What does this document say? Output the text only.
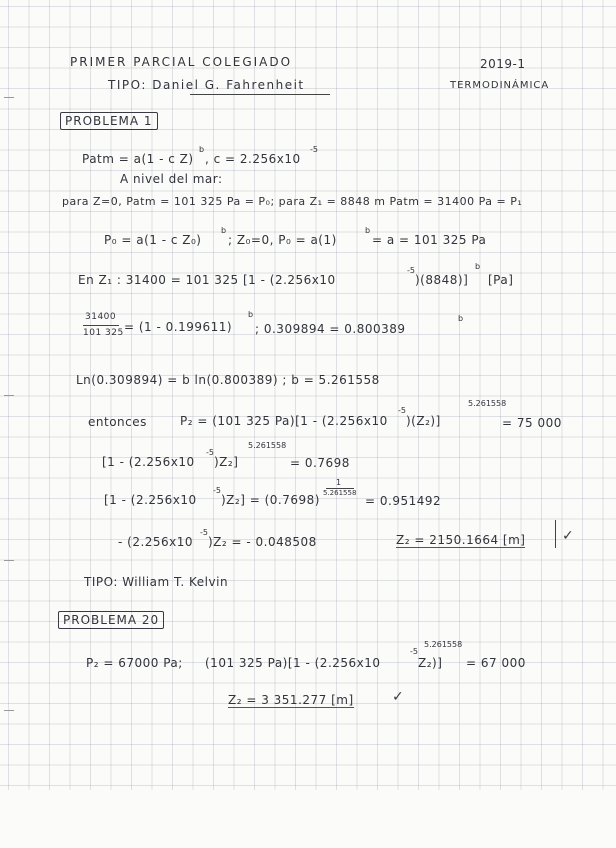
PRIMER PARCIAL COLEGIADO	2019-1
TIPO: Daniel G. Fahrenheit	TERMODINÁMICA
PROBLEMA 1
Patm = a(1 - c Z)
b
, c = 2.256x10
-5
A nivel del mar:
para Z=0, Patm = 101 325 Pa = P₀; para Z₁ = 8848 m Patm = 31400 Pa = P₁
P₀ = a(1 - c Z₀)
b
; Z₀=0, P₀ = a(1)
b
= a = 101 325 Pa
En Z₁ : 31400 = 101 325 [1 - (2.256x10
-5
)(8848)]
b
[Pa]
31400
101 325 = (1 - 0.199611)
b
; 0.309894 = 0.800389
b
Ln(0.309894) = b ln(0.800389) ; b = 5.261558
entonces	P₂ = (101 325 Pa)[1 - (2.256x10
-5
)(Z₂)]
5.261558
= 75 000
[1 - (2.256x10
-5
)Z₂]
5.261558
= 0.7698
[1 - (2.256x10
-5
)Z₂] = (0.7698)
1
5.261558
= 0.951492
- (2.256x10
-5
)Z₂ = - 0.048508	Z₂ = 2150.1664 [m]	✓
TIPO: William T. Kelvin
PROBLEMA 20
P₂ = 67000 Pa; (101 325 Pa)[1 - (2.256x10
-5
Z₂)]
5.261558
= 67 000
Z₂ = 3 351.277 [m]	✓
